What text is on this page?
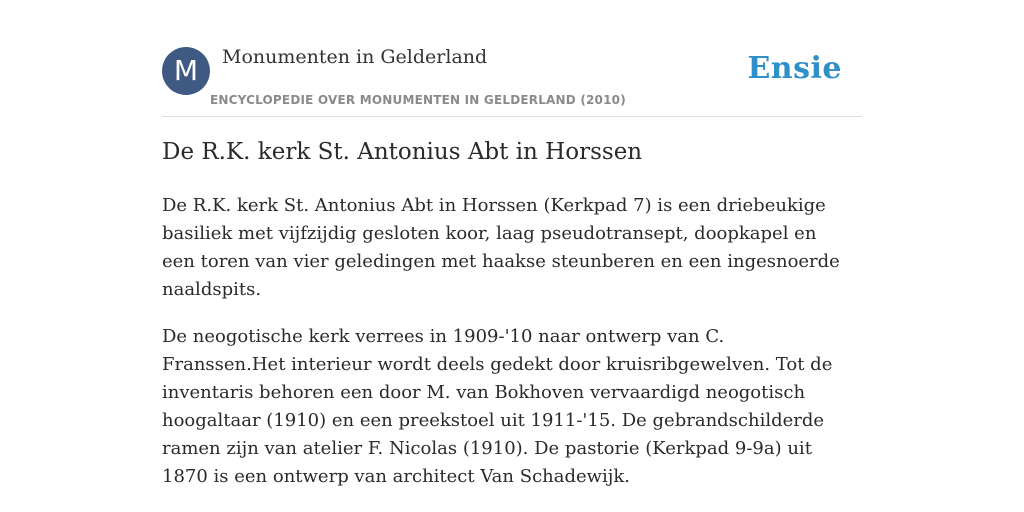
M	Monumenten in Gelderland
ENCYCLOPEDIE OVER MONUMENTEN IN GELDERLAND (2010)
Ensie
De R.K. kerk St. Antonius Abt in Horssen

De R.K. kerk St. Antonius Abt in Horssen (Kerkpad 7) is een driebeukige basiliek met vijfzijdig gesloten koor, laag pseudotransept, doopkapel en een toren van vier geledingen met haakse steunberen en een ingesnoerde naaldspits.

De neogotische kerk verrees in 1909-'10 naar ontwerp van C. Franssen.Het interieur wordt deels gedekt door kruisribgewelven. Tot de inventaris behoren een door M. van Bokhoven vervaardigd neogotisch hoogaltaar (1910) en een preekstoel uit 1911-'15. De gebrandschilderde ramen zijn van atelier F. Nicolas (1910). De pastorie (Kerkpad 9-9a) uit 1870 is een ontwerp van architect Van Schadewijk.
